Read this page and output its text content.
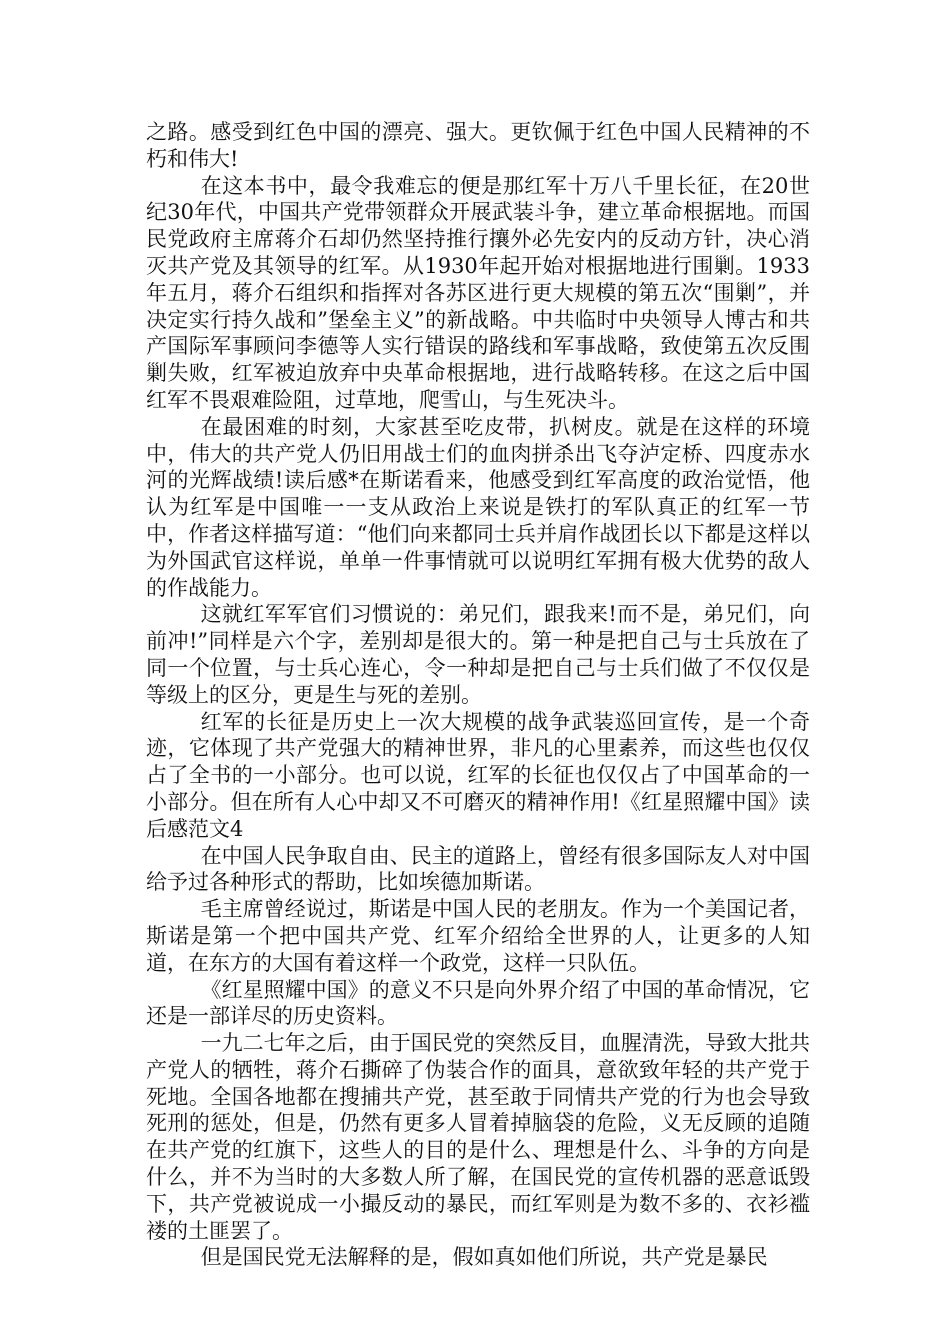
之路。感受到红色中国的漂亮、强大。更钦佩于红色中国人民精神的不朽和伟大!

在这本书中，最令我难忘的便是那红军十万八千里长征，在20世纪30年代，中国共产党带领群众开展武装斗争，建立革命根据地。而国民党政府主席蒋介石却仍然坚持推行攘外必先安内的反动方针，决心消灭共产党及其领导的红军。从1930年起开始对根据地进行围剿。1933年五月，蒋介石组织和指挥对各苏区进行更大规模的第五次“围剿”，并决定实行持久战和”堡垒主义”的新战略。中共临时中央领导人博古和共产国际军事顾问李德等人实行错误的路线和军事战略，致使第五次反围剿失败，红军被迫放弃中央革命根据地，进行战略转移。在这之后中国红军不畏艰难险阻，过草地，爬雪山，与生死决斗。

在最困难的时刻，大家甚至吃皮带，扒树皮。就是在这样的环境中，伟大的共产党人仍旧用战士们的血肉拼杀出飞夺泸定桥、四度赤水河的光辉战绩!读后感*在斯诺看来，他感受到红军高度的政治觉悟，他认为红军是中国唯一一支从政治上来说是铁打的军队真正的红军一节中，作者这样描写道：“他们向来都同士兵并肩作战团长以下都是这样以为外国武官这样说，单单一件事情就可以说明红军拥有极大优势的敌人的作战能力。

这就红军军官们习惯说的：弟兄们，跟我来!而不是，弟兄们，向前冲!”同样是六个字，差别却是很大的。第一种是把自己与士兵放在了同一个位置，与士兵心连心，令一种却是把自己与士兵们做了不仅仅是等级上的区分，更是生与死的差别。

红军的长征是历史上一次大规模的战争武装巡回宣传，是一个奇迹，它体现了共产党强大的精神世界，非凡的心里素养，而这些也仅仅占了全书的一小部分。也可以说，红军的长征也仅仅占了中国革命的一小部分。但在所有人心中却又不可磨灭的精神作用!《红星照耀中国》读后感范文4

在中国人民争取自由、民主的道路上，曾经有很多国际友人对中国给予过各种形式的帮助，比如埃德加斯诺。

毛主席曾经说过，斯诺是中国人民的老朋友。作为一个美国记者，斯诺是第一个把中国共产党、红军介绍给全世界的人，让更多的人知道，在东方的大国有着这样一个政党，这样一只队伍。

《红星照耀中国》的意义不只是向外界介绍了中国的革命情况，它还是一部详尽的历史资料。

一九二七年之后，由于国民党的突然反目，血腥清洗，导致大批共产党人的牺牲，蒋介石撕碎了伪装合作的面具，意欲致年轻的共产党于死地。全国各地都在搜捕共产党，甚至敢于同情共产党的行为也会导致死刑的惩处，但是，仍然有更多人冒着掉脑袋的危险，义无反顾的追随在共产党的红旗下，这些人的目的是什么、理想是什么、斗争的方向是什么，并不为当时的大多数人所了解，在国民党的宣传机器的恶意诋毁下，共产党被说成一小撮反动的暴民，而红军则是为数不多的、衣衫褴褛的土匪罢了。

但是国民党无法解释的是，假如真如他们所说，共产党是暴民
